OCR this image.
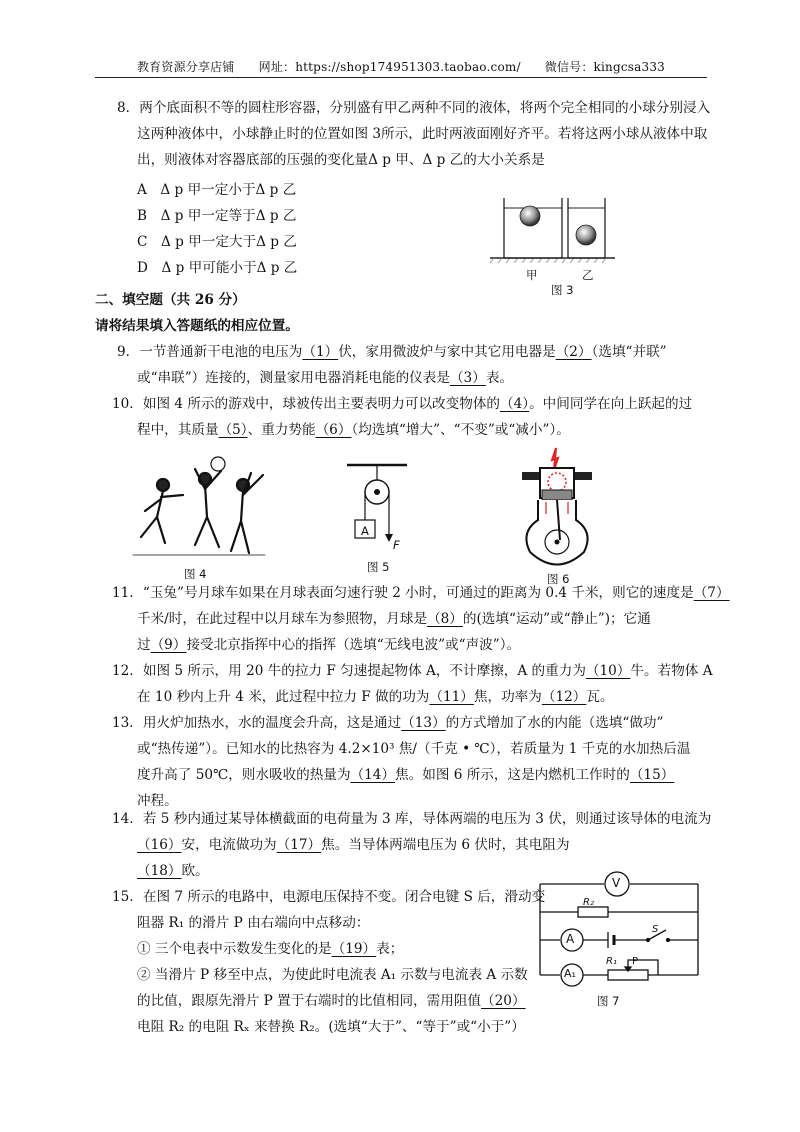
教育资源分享店铺 网址：https://shop174951303.taobao.com/ 微信号：kingcsa333
8．两个底面积不等的圆柱形容器，分别盛有甲乙两种不同的液体，将两个完全相同的小球分别浸入
这两种液体中，小球静止时的位置如图 3所示，此时两液面刚好齐平。若将这两小球从液体中取
出，则液体对容器底部的压强的变化量Δ p 甲、Δ p 乙的大小关系是
A　Δ p 甲一定小于Δ p 乙
B　Δ p 甲一定等于Δ p 乙
C　Δ p 甲一定大于Δ p 乙
D　Δ p 甲可能小于Δ p 乙	甲	乙
图 3
二、填空题（共 26 分）
请将结果填入答题纸的相应位置。
9．一节普通新干电池的电压为（1）伏，家用微波炉与家中其它用电器是（2）（选填“并联”
或“串联”）连接的，测量家用电器消耗电能的仪表是（3）表。
10．如图 4 所示的游戏中，球被传出主要表明力可以改变物体的（4）。中间同学在向上跃起的过
程中，其质量（5）、重力势能（6）（均选填“增大”、“不变”或“减小”）。
图 4
A
F
图 5
图 6
11．“玉兔”号月球车如果在月球表面匀速行驶 2 小时，可通过的距离为 0.4 千米，则它的速度是（7）
千米/时，在此过程中以月球车为参照物，月球是（8）的(选填“运动”或“静止”)；它通
过（9）接受北京指挥中心的指挥（选填“无线电波”或“声波”）。
12．如图 5 所示，用 20 牛的拉力 F 匀速提起物体 A，不计摩擦，A 的重力为（10）牛。若物体 A
在 10 秒内上升 4 米，此过程中拉力 F 做的功为（11）焦，功率为（12）瓦。
13．用火炉加热水，水的温度会升高，这是通过（13）的方式增加了水的内能（选填“做功”
或“热传递”）。已知水的比热容为 4.2×10³ 焦/（千克 • ℃），若质量为 1 千克的水加热后温
度升高了 50℃，则水吸收的热量为（14）焦。如图 6 所示，这是内燃机工作时的（15）
冲程。
14．若 5 秒内通过某导体横截面的电荷量为 3 库，导体两端的电压为 3 伏，则通过该导体的电流为
（16）安，电流做功为（17）焦。当导体两端电压为 6 伏时，其电阻为
（18）欧。
15．在图 7 所示的电路中，电源电压保持不变。闭合电键 S 后，滑动变
阻器 R₁ 的滑片 P 由右端向中点移动：
① 三个电表中示数发生变化的是（19）表；
② 当滑片 P 移至中点，为使此时电流表 A₁ 示数与电流表 A 示数
的比值，跟原先滑片 P 置于右端时的比值相同，需用阻值（20）
电阻 R₂ 的电阻 Rₓ 来替换 R₂。(选填“大于”、“等于”或“小于”）
V
R₂
A
S
A₁
R₁ P
图 7
